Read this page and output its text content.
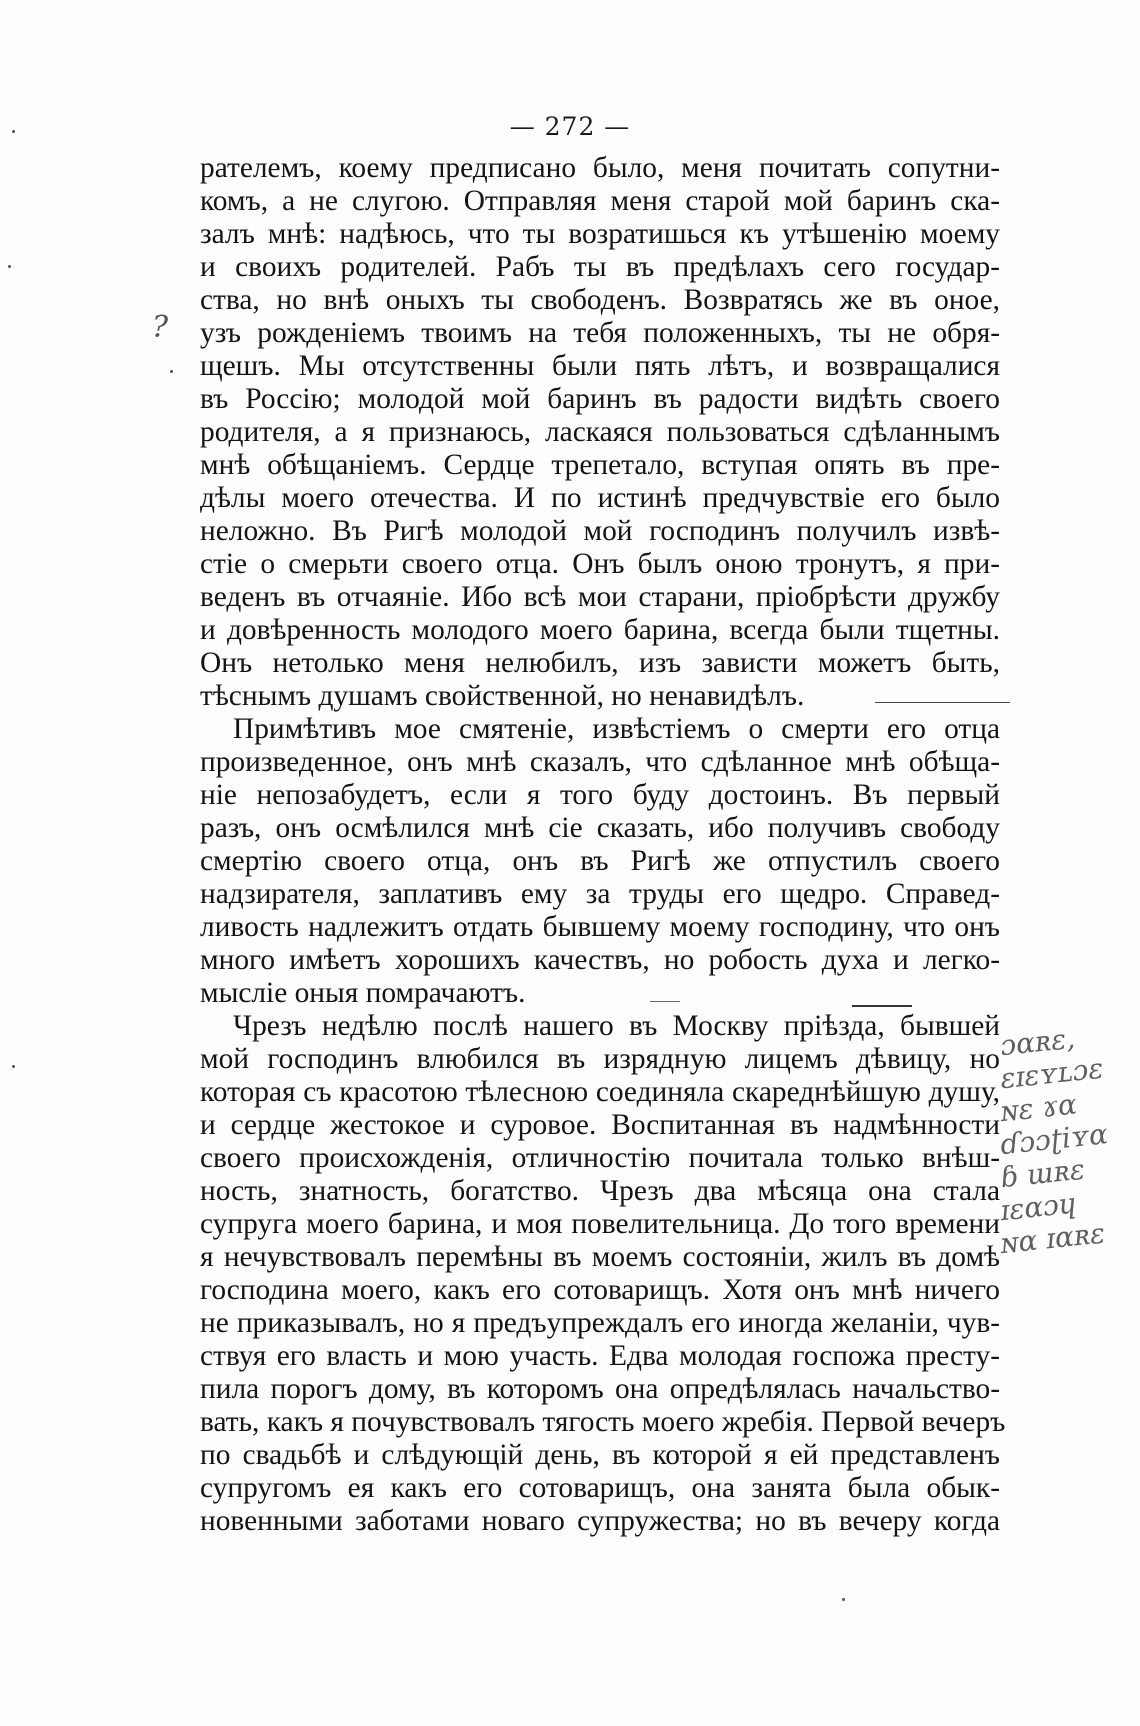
— 272 —
?
рателемъ, коему предписано было, меня почитать сопутни-
комъ, а не слугою. Отправляя меня старой мой баринъ ска-
залъ мнѣ: надѣюсь, что ты возратишься къ утѣшенію моему
и своихъ родителей. Рабъ ты въ предѣлахъ сего государ-
ства, но внѣ оныхъ ты свободенъ. Возвратясь же въ оное,
узъ рожденіемъ твоимъ на тебя положенныхъ, ты не обря-
щешъ. Мы отсутственны были пять лѣтъ, и возвращалися
въ Россію; молодой мой баринъ въ радости видѣть своего
родителя, а я признаюсь, ласкаяся пользоваться сдѣланнымъ
мнѣ обѣщаніемъ. Сердце трепетало, вступая опять въ пре-
дѣлы моего отечества. И по истинѣ предчувствіе его было
неложно. Въ Ригѣ молодой мой господинъ получилъ извѣ-
стіе о смерьти своего отца. Онъ былъ оною тронутъ, я при-
веденъ въ отчаяніе. Ибо всѣ мои старани, пріобрѣсти дружбу
и довѣренность молодого моего барина, всегда были тщетны.
Онъ нетолько меня нелюбилъ, изъ зависти можетъ быть,
тѣснымъ душамъ свойственной, но ненавидѣлъ.
Примѣтивъ мое смятеніе, извѣстіемъ о смерти его отца
произведенное, онъ мнѣ сказалъ, что сдѣланное мнѣ обѣща-
ніе непозабудетъ, если я того буду достоинъ. Въ первый
разъ, онъ осмѣлился мнѣ сіе сказать, ибо получивъ свободу
смертію своего отца, онъ въ Ригѣ же отпустилъ своего
надзирателя, заплативъ ему за труды его щедро. Справед-
ливость надлежитъ отдать бывшему моему господину, что онъ
много имѣетъ хорошихъ качествъ, но робость духа и легко-
мысліе оныя помрачаютъ.
Чрезъ недѣлю послѣ нашего въ Москву пріѣзда, бывшей
мой господинъ влюбился въ изрядную лицемъ дѣвицу, но
которая съ красотою тѣлесною соединяла скареднѣйшую душу,
и сердце жестокое и суровое. Воспитанная въ надмѣнности
своего происхожденія, отличностію почитала только внѣш-
ность, знатность, богатство. Чрезъ два мѣсяца она стала
супруга моего барина, и моя повелительница. До того времени
я нечувствовалъ перемѣны въ моемъ состояніи, жилъ въ домѣ
господина моего, какъ его сотоварищъ. Хотя онъ мнѣ ничего
не приказывалъ, но я предъупреждалъ его иногда желаніи, чув-
ствуя его власть и мою участь. Едва молодая госпожа престу-
пила порогъ дому, въ которомъ она опредѣлялась начальство-
вать, какъ я почувствовалъ тягость моего жребія. Первой вечеръ
по свадьбѣ и слѣдующій день, въ которой я ей представленъ
супругомъ ея какъ его сотоварищъ, она занята была обык-
новенными заботами новаго супружества; но въ вечеру когда
ɔɑʀɛ,
ɛɪɛʏʟɔɛ
ɴɛ ɤɑ
ɗɔɔʈiʏɑ
ɓ ɯʀɛ
ɪɛɑɔɥ
ɴɑ ɪɑʀɛ
